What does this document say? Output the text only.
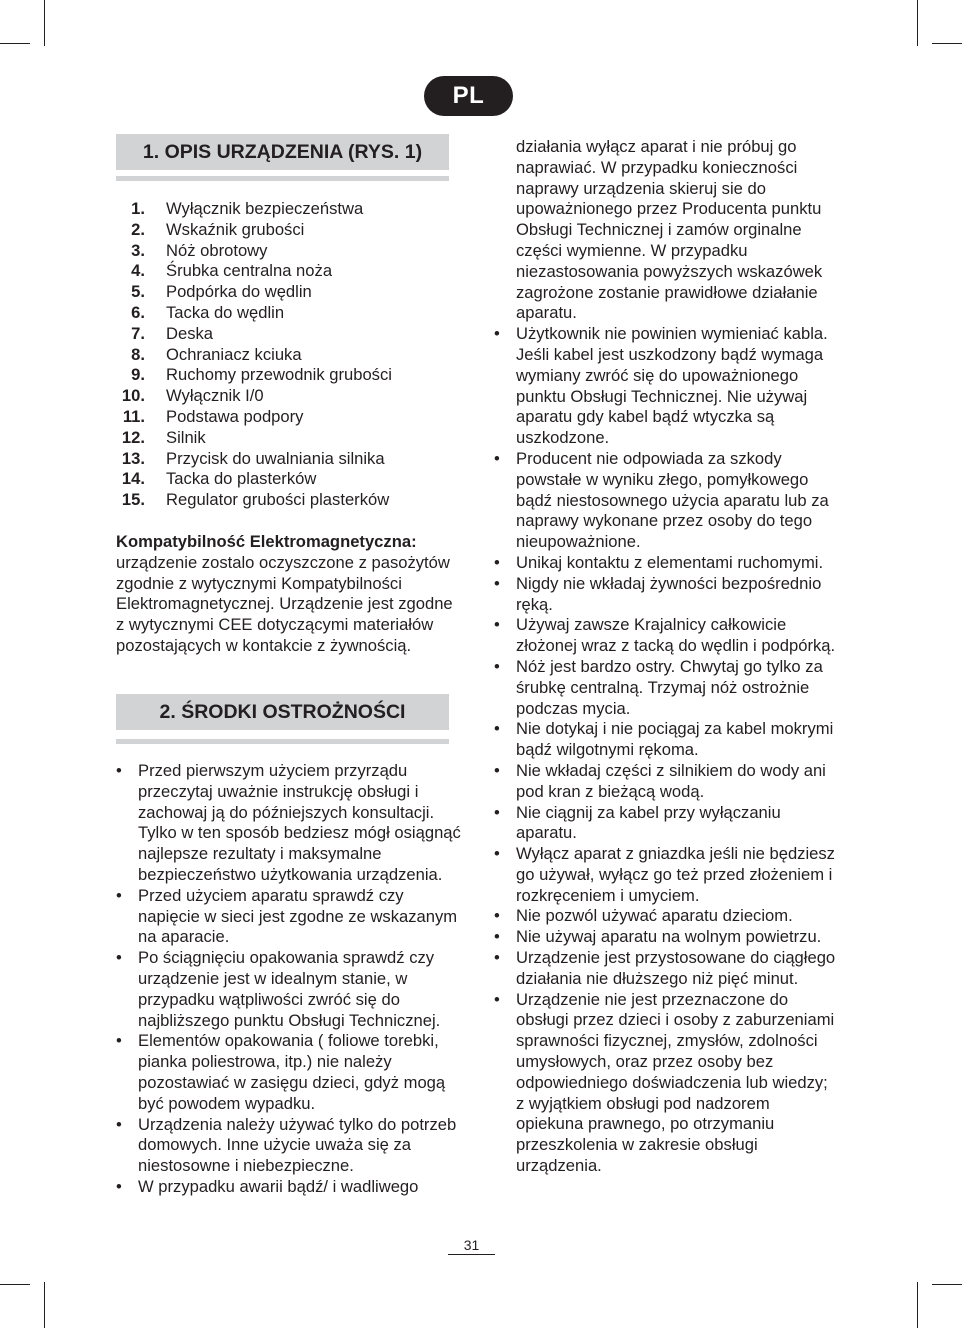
PL
1. OPIS URZĄDZENIA (RYS. 1)
1.	Wyłącznik bezpieczeństwa
2.	Wskaźnik grubości
3.	Nóż obrotowy
4.	Śrubka centralna noża
5.	Podpórka do wędlin
6.	Tacka do wędlin
7.	Deska
8.	Ochraniacz kciuka
9.	Ruchomy przewodnik grubości
10.	Wyłącznik I/0
11.	Podstawa podpory
12.	Silnik
13.	Przycisk do uwalniania silnika
14.	Tacka do plasterków
15.	Regulator grubości plasterków

Kompatybilność Elektromagnetyczna:
urządzenie zostalo oczyszczone z pasożytów zgodnie z wytycznymi Kompatybilności Elektromagnetycznej. Urządzenie jest zgodne z wytycznymi CEE dotyczącymi materiałów pozostających w kontakcie z żywnością.

2. ŚRODKI OSTROŻNOŚCI
• Przed pierwszym użyciem przyrządu przeczytaj uważnie instrukcję obsługi i zachowaj ją do późniejszych konsultacji. Tylko w ten sposób bedziesz mógł osiągnąć najlepsze rezultaty i maksymalne bezpieczeństwo użytkowania urządzenia.
• Przed użyciem aparatu sprawdź czy napięcie w sieci jest zgodne ze wskazanym na aparacie.
• Po ściągnięciu opakowania sprawdź czy urządzenie jest w idealnym stanie, w przypadku wątpliwości zwróć się do najbliższego punktu Obsługi Technicznej.
• Elementów opakowania ( foliowe torebki, pianka poliestrowa, itp.) nie należy pozostawiać w zasięgu dzieci, gdyż mogą być powodem wypadku.
• Urządzenia należy używać tylko do potrzeb domowych. Inne użycie uważa się za niestosowne i niebezpieczne.
• W przypadku awarii bądź/ i wadliwego

działania wyłącz aparat i nie próbuj go naprawiać. W przypadku konieczności naprawy urządzenia skieruj sie do upoważnionego przez Producenta punktu Obsługi Technicznej i zamów orginalne części wymienne. W przypadku niezastosowania powyższych wskazówek zagrożone zostanie prawidłowe działanie aparatu.

• Użytkownik nie powinien wymieniać kabla. Jeśli kabel jest uszkodzony bądź wymaga wymiany zwróć się do upoważnionego punktu Obsługi Technicznej. Nie używaj aparatu gdy kabel bądź wtyczka są uszkodzone.
• Producent nie odpowiada za szkody powstałe w wyniku złego, pomyłkowego bądź niestosownego użycia aparatu lub za naprawy wykonane przez osoby do tego nieupoważnione.
• Unikaj kontaktu z elementami ruchomymi.
• Nigdy nie wkładaj żywności bezpośrednio ręką.
• Używaj zawsze Krajalnicy całkowicie złożonej wraz z tacką do wędlin i podpórką.
• Nóż jest bardzo ostry. Chwytaj go tylko za śrubkę centralną. Trzymaj nóż ostrożnie podczas mycia.
• Nie dotykaj i nie pociągaj za kabel mokrymi bądź wilgotnymi rękoma.
• Nie wkładaj części z silnikiem do wody ani pod kran z bieżącą wodą.
• Nie ciągnij za kabel przy wyłączaniu aparatu.
• Wyłącz aparat z gniazdka jeśli nie będziesz go używał, wyłącz go też przed złożeniem i rozkręceniem i umyciem.
• Nie pozwól używać aparatu dzieciom.
• Nie używaj aparatu na wolnym powietrzu.
• Urządzenie jest przystosowane do ciągłego działania nie dłuższego niż pięć minut.
• Urządzenie nie jest przeznaczone do obsługi przez dzieci i osoby z zaburzeniami sprawności fizycznej, zmysłów, zdolności umysłowych, oraz przez osoby bez odpowiedniego doświadczenia lub wiedzy; z wyjątkiem obsługi pod nadzorem opiekuna prawnego, po otrzymaniu przeszkolenia w zakresie obsługi urządzenia.
31
